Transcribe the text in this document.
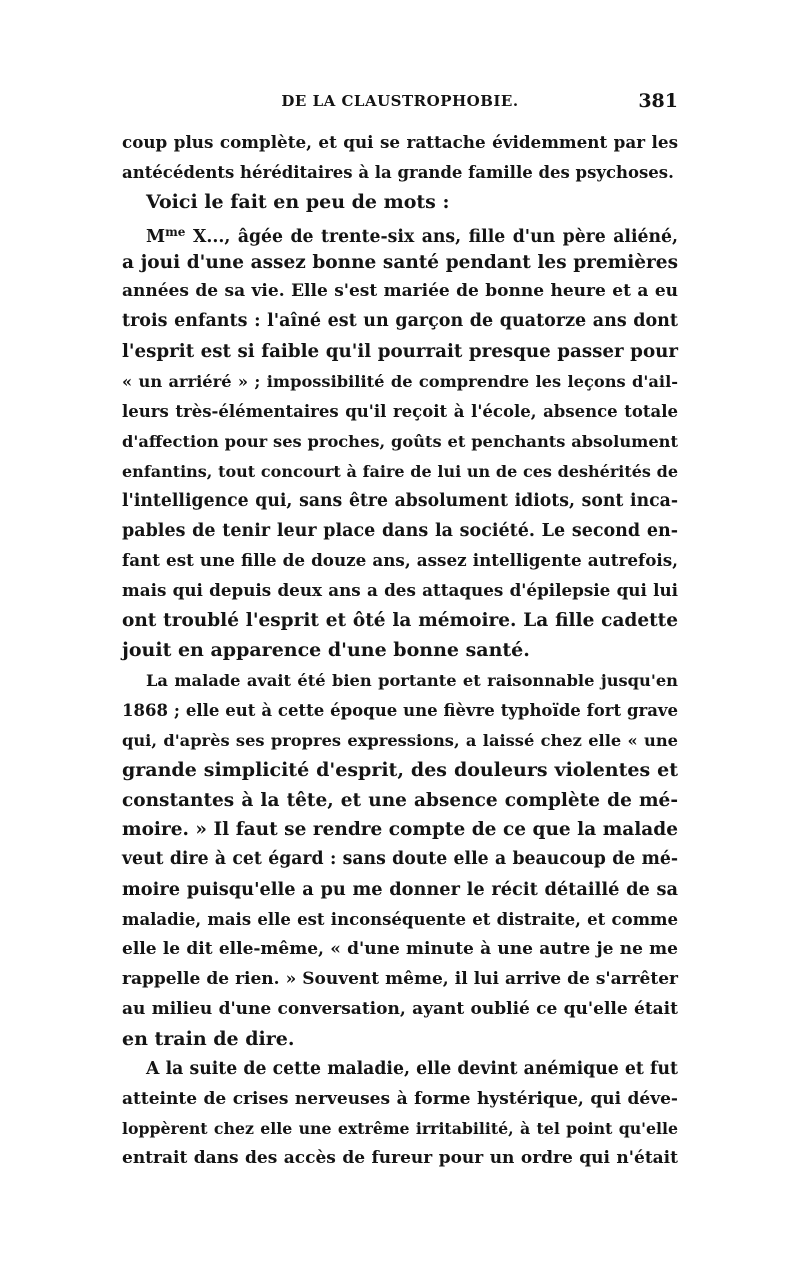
DE LA CLAUSTROPHOBIE.	381
coup plus complète, et qui se rattache évidemment par les
antécédents héréditaires à la grande famille des psychoses.
Voici le fait en peu de mots :
$M^{me}$ X..., âgée de trente-six ans, fille d'un père aliéné,
a joui d'une assez bonne santé pendant les premières
années de sa vie. Elle s'est mariée de bonne heure et a eu
trois enfants : l'aîné est un garçon de quatorze ans dont
l'esprit est si faible qu'il pourrait presque passer pour
« un arriéré » ; impossibilité de comprendre les leçons d'ail-
leurs très-élémentaires qu'il reçoit à l'école, absence totale
d'affection pour ses proches, goûts et penchants absolument
enfantins, tout concourt à faire de lui un de ces deshérités de
l'intelligence qui, sans être absolument idiots, sont inca-
pables de tenir leur place dans la société. Le second en-
fant est une fille de douze ans, assez intelligente autrefois,
mais qui depuis deux ans a des attaques d'épilepsie qui lui
ont troublé l'esprit et ôté la mémoire. La fille cadette
jouit en apparence d'une bonne santé.
La malade avait été bien portante et raisonnable jusqu'en
1868 ; elle eut à cette époque une fièvre typhoïde fort grave
qui, d'après ses propres expressions, a laissé chez elle « une
grande simplicité d'esprit, des douleurs violentes et
constantes à la tête, et une absence complète de mé-
moire. » Il faut se rendre compte de ce que la malade
veut dire à cet égard : sans doute elle a beaucoup de mé-
moire puisqu'elle a pu me donner le récit détaillé de sa
maladie, mais elle est inconséquente et distraite, et comme
elle le dit elle-même, « d'une minute à une autre je ne me
rappelle de rien. » Souvent même, il lui arrive de s'arrêter
au milieu d'une conversation, ayant oublié ce qu'elle était
en train de dire.
A la suite de cette maladie, elle devint anémique et fut
atteinte de crises nerveuses à forme hystérique, qui déve-
loppèrent chez elle une extrême irritabilité, à tel point qu'elle
entrait dans des accès de fureur pour un ordre qui n'était
